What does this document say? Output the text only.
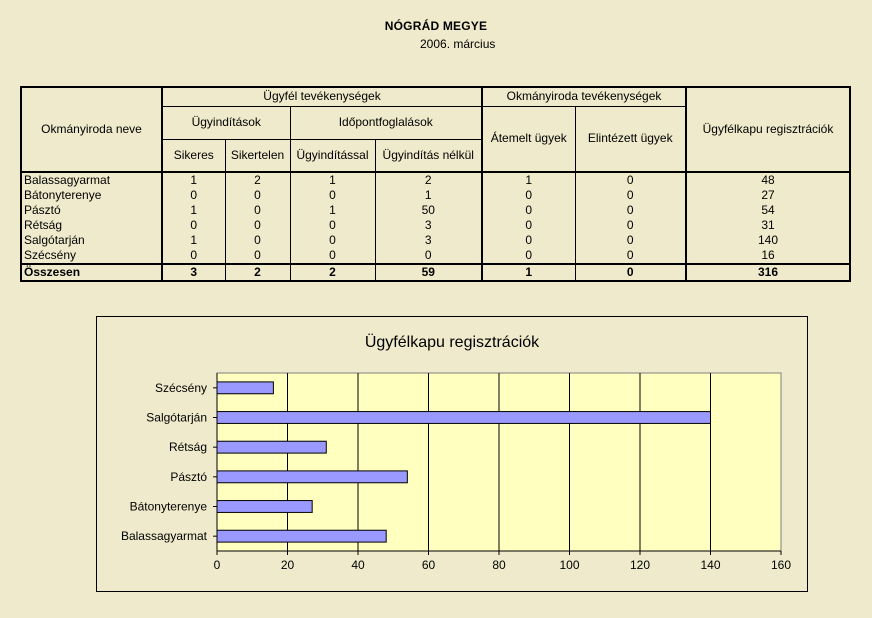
NÓGRÁD MEGYE
2006. március
Okmányiroda neve	Ügyfél tevékenységek				Okmányiroda tevékenységek		Ügyfélkapu regisztrációk
	Ügyindítások		Időpontfoglalások		Átemelt ügyek	Elintézett ügyek	
	Sikeres	Sikertelen	Ügyindítással	Ügyindítás nélkül			
Balassagyarmat	1	2	1	2	1	0	48
Bátonyterenye	0	0	0	1	0	0	27
Pásztó	1	0	1	50	0	0	54
Rétság	0	0	0	3	0	0	31
Salgótarján	1	0	0	3	0	0	140
Szécsény	0	0	0	0	0	0	16
Összesen	3	2	2	59	1	0	316
Ügyfélkapu regisztrációk
0	20	40	60	80	100	120	140	160
Balassagyarmat
Bátonyterenye
Pásztó
Rétság
Salgótarján
Szécsény
